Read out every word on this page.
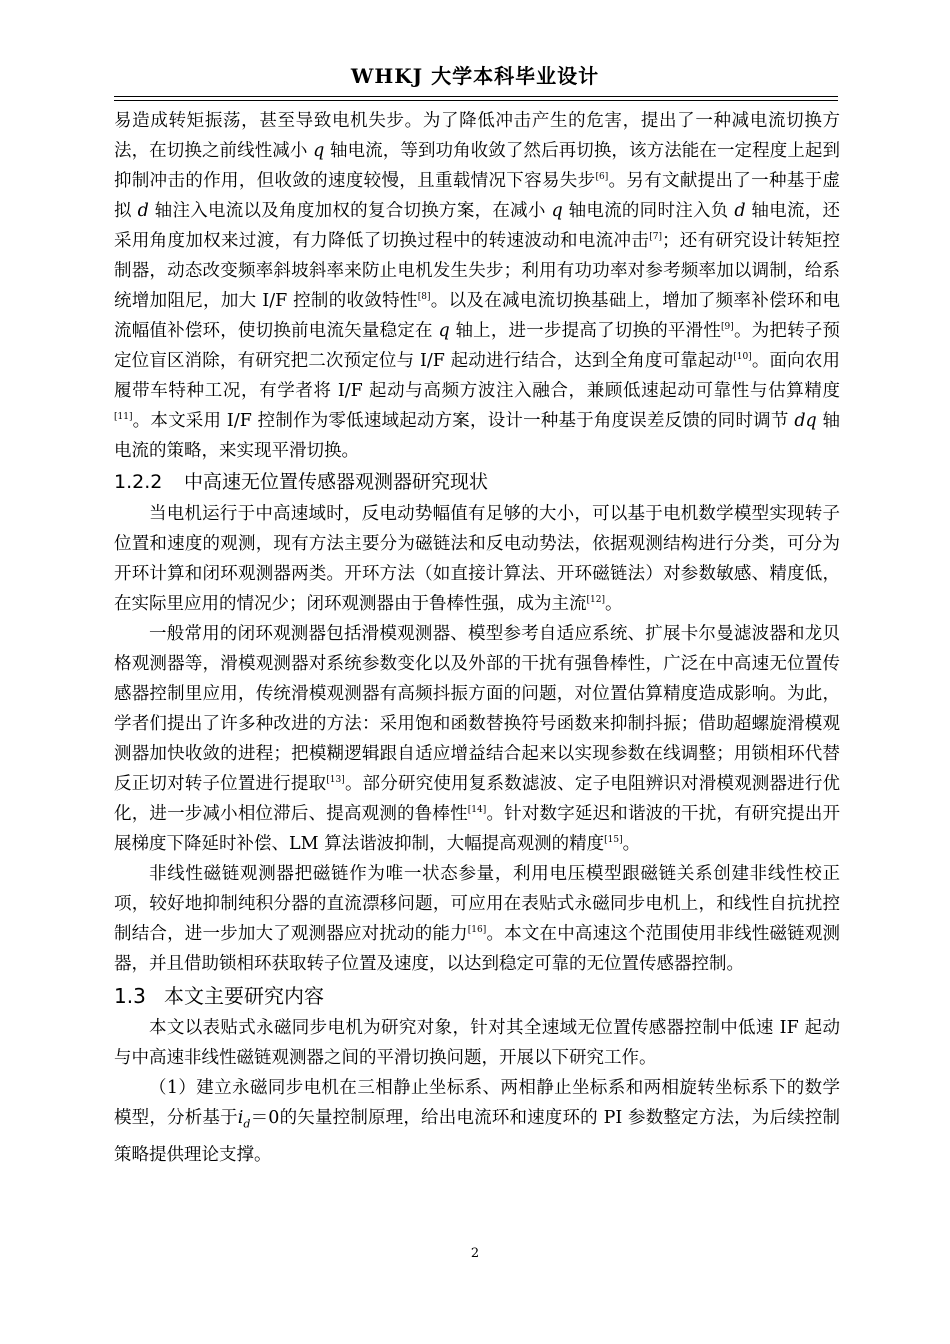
WHKJ 大学本科毕业设计

易造成转矩振荡，甚至导致电机失步。为了降低冲击产生的危害，提出了一种减电流切换方法，在切换之前线性减小 q 轴电流，等到功角收敛了然后再切换，该方法能在一定程度上起到抑制冲击的作用，但收敛的速度较慢，且重载情况下容易失步[6]。另有文献提出了一种基于虚拟 d 轴注入电流以及角度加权的复合切换方案，在减小 q 轴电流的同时注入负 d 轴电流，还采用角度加权来过渡，有力降低了切换过程中的转速波动和电流冲击[7]；还有研究设计转矩控制器，动态改变频率斜坡斜率来防止电机发生失步；利用有功功率对参考频率加以调制，给系统增加阻尼，加大 I/F 控制的收敛特性[8]。以及在减电流切换基础上，增加了频率补偿环和电流幅值补偿环，使切换前电流矢量稳定在 q 轴上，进一步提高了切换的平滑性[9]。为把转子预定位盲区消除，有研究把二次预定位与 I/F 起动进行结合，达到全角度可靠起动[10]。面向农用履带车特种工况，有学者将 I/F 起动与高频方波注入融合，兼顾低速起动可靠性与估算精度[11]。本文采用 I/F 控制作为零低速域起动方案，设计一种基于角度误差反馈的同时调节 dq 轴电流的策略，来实现平滑切换。

1.2.2 中高速无位置传感器观测器研究现状

当电机运行于中高速域时，反电动势幅值有足够的大小，可以基于电机数学模型实现转子位置和速度的观测，现有方法主要分为磁链法和反电动势法，依据观测结构进行分类，可分为开环计算和闭环观测器两类。开环方法（如直接计算法、开环磁链法）对参数敏感、精度低，在实际里应用的情况少；闭环观测器由于鲁棒性强，成为主流[12]。

一般常用的闭环观测器包括滑模观测器、模型参考自适应系统、扩展卡尔曼滤波器和龙贝格观测器等，滑模观测器对系统参数变化以及外部的干扰有强鲁棒性，广泛在中高速无位置传感器控制里应用，传统滑模观测器有高频抖振方面的问题，对位置估算精度造成影响。为此，学者们提出了许多种改进的方法：采用饱和函数替换符号函数来抑制抖振；借助超螺旋滑模观测器加快收敛的进程；把模糊逻辑跟自适应增益结合起来以实现参数在线调整；用锁相环代替反正切对转子位置进行提取[13]。部分研究使用复系数滤波、定子电阻辨识对滑模观测器进行优化，进一步减小相位滞后、提高观测的鲁棒性[14]。针对数字延迟和谐波的干扰，有研究提出开展梯度下降延时补偿、LM 算法谐波抑制，大幅提高观测的精度[15]。

非线性磁链观测器把磁链作为唯一状态参量，利用电压模型跟磁链关系创建非线性校正项，较好地抑制纯积分器的直流漂移问题，可应用在表贴式永磁同步电机上，和线性自抗扰控制结合，进一步加大了观测器应对扰动的能力[16]。本文在中高速这个范围使用非线性磁链观测器，并且借助锁相环获取转子位置及速度，以达到稳定可靠的无位置传感器控制。

1.3 本文主要研究内容

本文以表贴式永磁同步电机为研究对象，针对其全速域无位置传感器控制中低速 IF 起动与中高速非线性磁链观测器之间的平滑切换问题，开展以下研究工作。

（1）建立永磁同步电机在三相静止坐标系、两相静止坐标系和两相旋转坐标系下的数学模型，分析基于$i_d=0$的矢量控制原理，给出电流环和速度环的 PI 参数整定方法，为后续控制策略提供理论支撑。

2
